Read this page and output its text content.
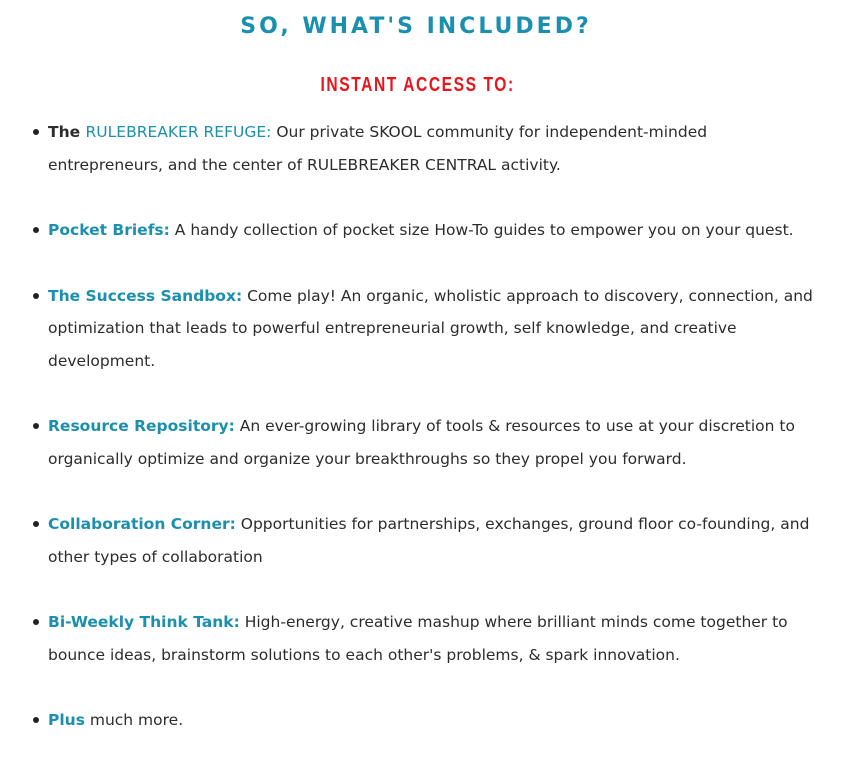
SO, WHAT'S INCLUDED?
INSTANT ACCESS TO:
The RULEBREAKER REFUGE: Our private SKOOL community for independent-minded entrepreneurs, and the center of RULEBREAKER CENTRAL activity.
Pocket Briefs: A handy collection of pocket size How-To guides to empower you on your quest.
The Success Sandbox: Come play! An organic, wholistic approach to discovery, connection, and optimization that leads to powerful entrepreneurial growth, self knowledge, and creative development.
Resource Repository: An ever-growing library of tools & resources to use at your discretion to organically optimize and organize your breakthroughs so they propel you forward.
Collaboration Corner: Opportunities for partnerships, exchanges, ground floor co-founding, and other types of collaboration
Bi-Weekly Think Tank: High-energy, creative mashup where brilliant minds come together to bounce ideas, brainstorm solutions to each other's problems, & spark innovation.
Plus much more.
